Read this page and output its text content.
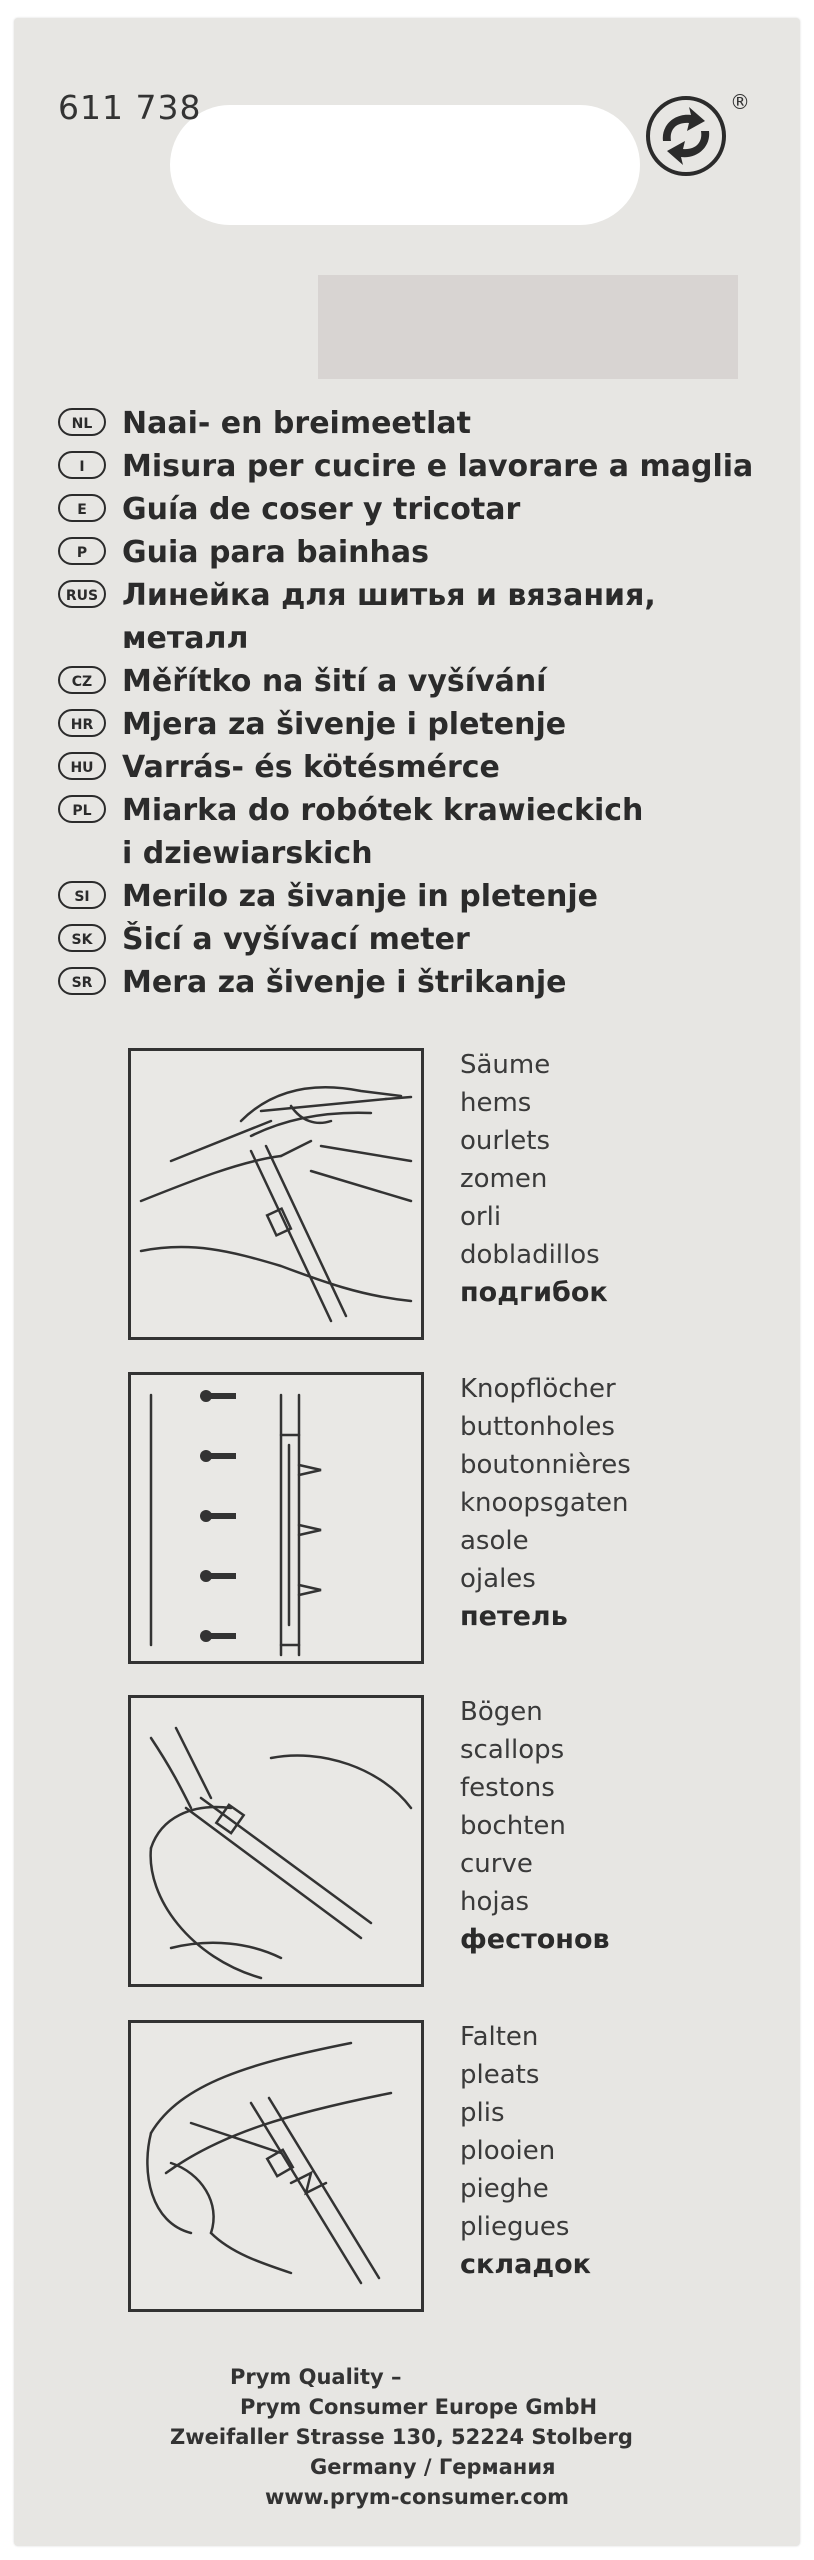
611 738	®
NL Naai- en breimeetlat
I	Misura per cucire e lavorare a maglia
E	Guía de coser y tricotar
P	Guia para bainhas
RUS Линейка для шитья и вязания,
металл
CZ Měřítko na šití a vyšívání
HR Mjera za šivenje i pletenje
HU Varrás- és kötésmérce
PL	Miarka do robótek krawieckich
i dziewiarskich
SI	Merilo za šivanje in pletenje
SK Šicí a vyšívací meter
SR Mera za šivenje i štrikanje
Säume
hems
ourlets
zomen
orli
dobladillos
подгибок
Knopflöcher
buttonholes
boutonnières
knoopsgaten
asole
ojales
петель
Bögen
scallops
festons
bochten
curve
hojas
фестонов
Falten
pleats
plis
plooien
pieghe
pliegues
складок
Prym Quality –
Prym Consumer Europe GmbH
Zweifaller Strasse 130, 52224 Stolberg
Germany / Германия
www.prym-consumer.com
